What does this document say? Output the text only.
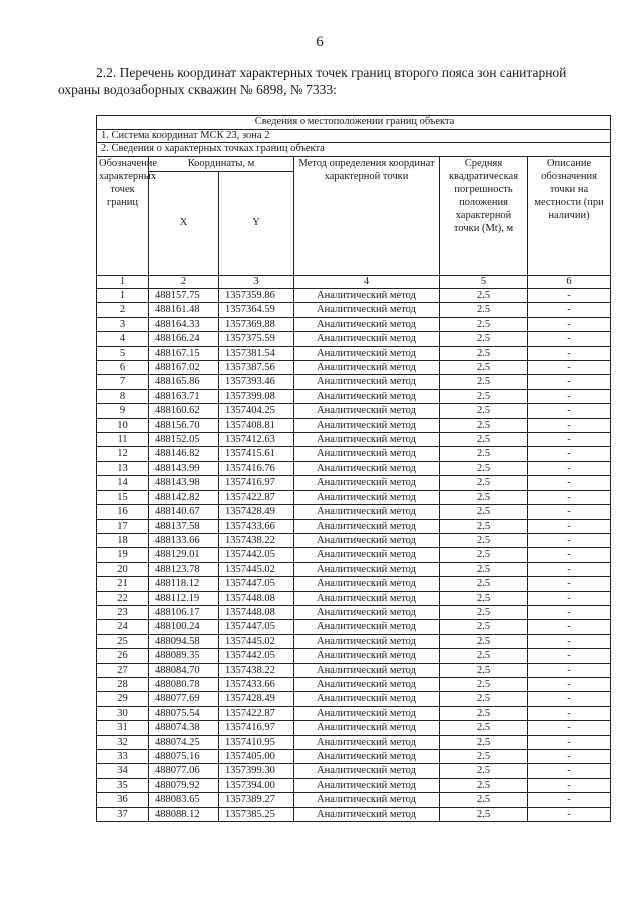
6
2.2. Перечень координат характерных точек границ второго пояса зон санитарной охраны водозаборных скважин № 6898, № 7333:
Сведения о местоположении границ объекта					
1. Система координат МСК 23, зона 2					
2. Сведения о характерных точках границ объекта					
Обозначение характерных точек границ	Координаты, м		Метод определения координат характерной точки	Средняя квадратическая погрешность положения характерной точки (Mt), м	Описание обозначения точки на местности (при наличии)
	X	Y			
1	2	3	4	5	6
1	488157.75	1357359.86	Аналитический метод	2.5	-
2	488161.48	1357364.59	Аналитический метод	2.5	-
3	488164.33	1357369.88	Аналитический метод	2.5	-
4	488166.24	1357375.59	Аналитический метод	2.5	-
5	488167.15	1357381.54	Аналитический метод	2.5	-
6	488167.02	1357387.56	Аналитический метод	2.5	-
7	488165.86	1357393.46	Аналитический метод	2.5	-
8	488163.71	1357399.08	Аналитический метод	2.5	-
9	488160.62	1357404.25	Аналитический метод	2.5	-
10	488156.70	1357408.81	Аналитический метод	2.5	-
11	488152.05	1357412.63	Аналитический метод	2.5	-
12	488146.82	1357415.61	Аналитический метод	2.5	-
13	488143.99	1357416.76	Аналитический метод	2.5	-
14	488143.98	1357416.97	Аналитический метод	2.5	-
15	488142.82	1357422.87	Аналитический метод	2.5	-
16	488140.67	1357428.49	Аналитический метод	2.5	-
17	488137.58	1357433.66	Аналитический метод	2.5	-
18	488133.66	1357438.22	Аналитический метод	2.5	-
19	488129.01	1357442.05	Аналитический метод	2.5	-
20	488123.78	1357445.02	Аналитический метод	2.5	-
21	488118.12	1357447.05	Аналитический метод	2.5	-
22	488112.19	1357448.08	Аналитический метод	2.5	-
23	488106.17	1357448.08	Аналитический метод	2.5	-
24	488100.24	1357447.05	Аналитический метод	2.5	-
25	488094.58	1357445.02	Аналитический метод	2.5	-
26	488089.35	1357442.05	Аналитический метод	2.5	-
27	488084.70	1357438.22	Аналитический метод	2.5	-
28	488080.78	1357433.66	Аналитический метод	2.5	-
29	488077.69	1357428.49	Аналитический метод	2.5	-
30	488075.54	1357422.87	Аналитический метод	2.5	-
31	488074.38	1357416.97	Аналитический метод	2.5	-
32	488074.25	1357410.95	Аналитический метод	2.5	-
33	488075.16	1357405.00	Аналитический метод	2.5	-
34	488077.06	1357399.30	Аналитический метод	2.5	-
35	488079.92	1357394.00	Аналитический метод	2.5	-
36	488083.65	1357389.27	Аналитический метод	2.5	-
37	488088.12	1357385.25	Аналитический метод	2.5	-
